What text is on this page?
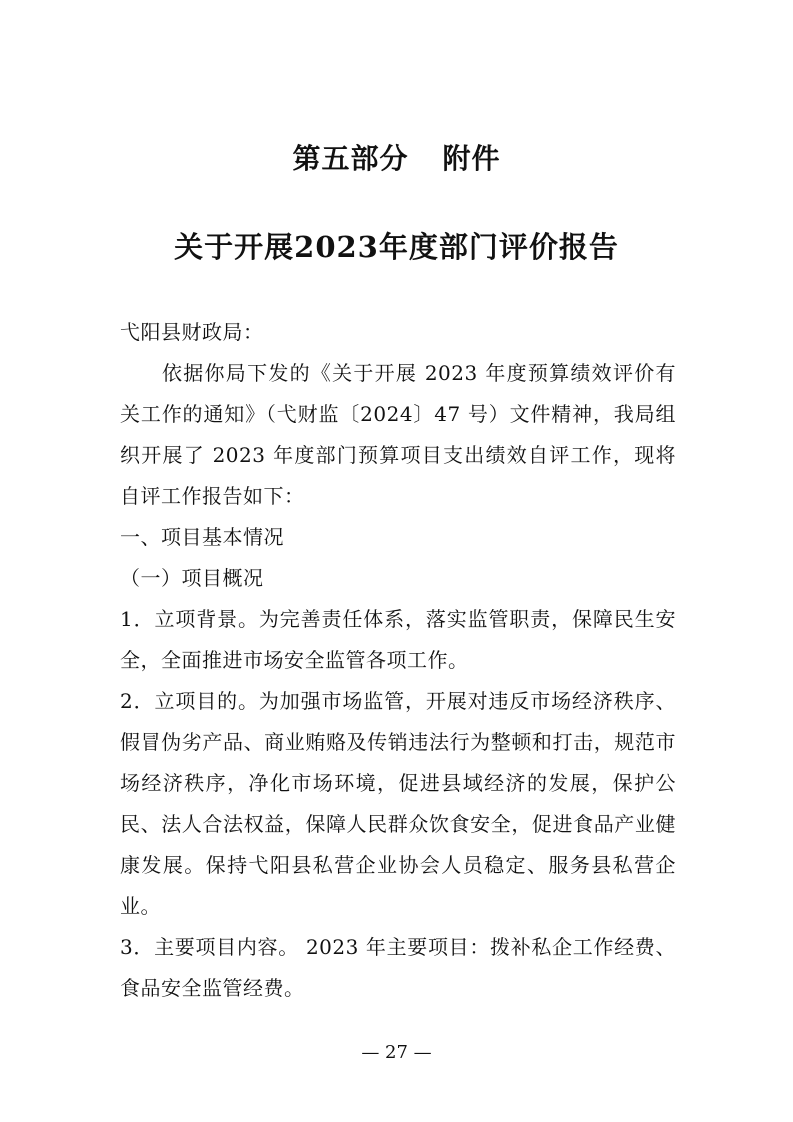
第五部分 附件
关于开展2023年度部门评价报告

弋阳县财政局：

依据你局下发的《关于开展 2023 年度预算绩效评价有关工作的通知》（弋财监〔2024〕47 号）文件精神，我局组织开展了 2023 年度部门预算项目支出绩效自评工作，现将自评工作报告如下：

一、项目基本情况

（一）项目概况

1．立项背景。为完善责任体系，落实监管职责，保障民生安全，全面推进市场安全监管各项工作。

2．立项目的。为加强市场监管，开展对违反市场经济秩序、假冒伪劣产品、商业贿赂及传销违法行为整顿和打击，规范市场经济秩序，净化市场环境，促进县域经济的发展，保护公民、法人合法权益，保障人民群众饮食安全，促进食品产业健康发展。保持弋阳县私营企业协会人员稳定、服务县私营企业。

3．主要项目内容。 2023 年主要项目：拨补私企工作经费、食品安全监管经费。

— 27 —
